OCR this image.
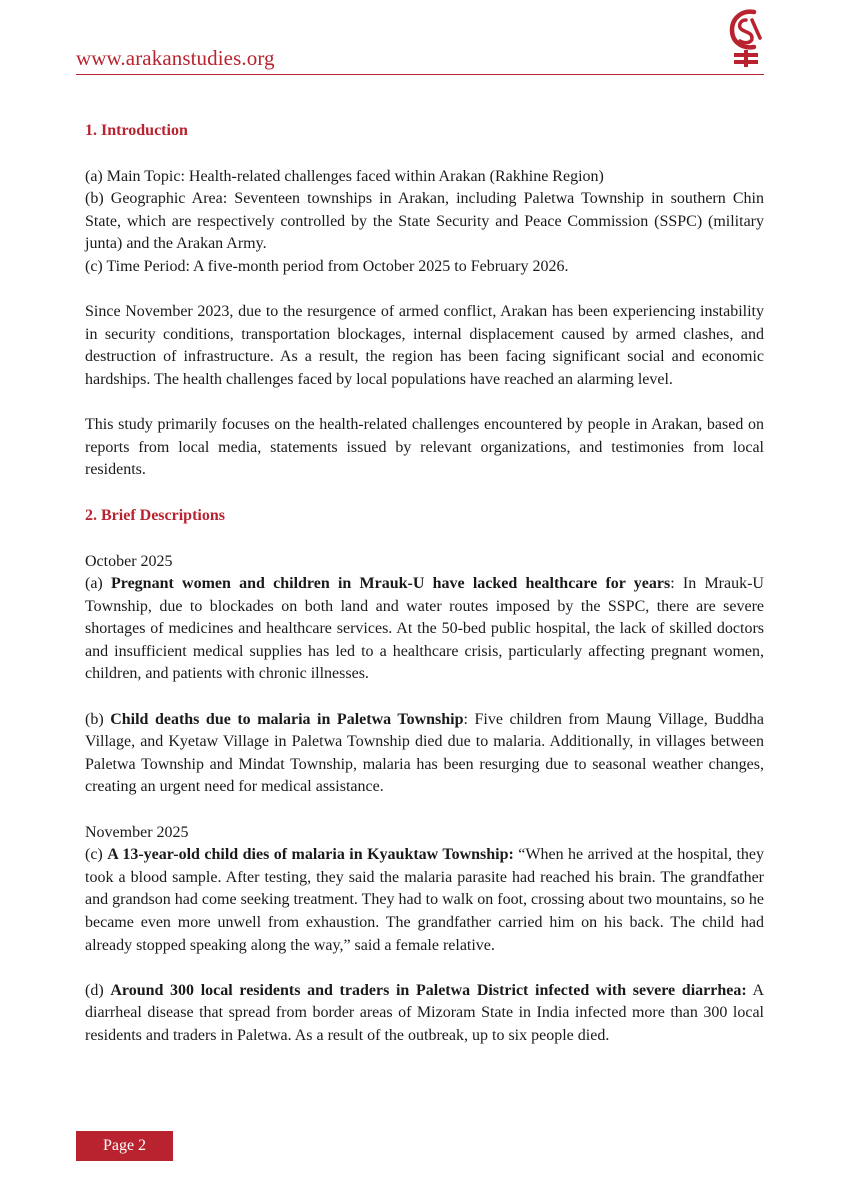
www.arakanstudies.org

1. Introduction

(a) Main Topic: Health-related challenges faced within Arakan (Rakhine Region)

(b) Geographic Area: Seventeen townships in Arakan, including Paletwa Township in southern Chin State, which are respectively controlled by the State Security and Peace Commission (SSPC) (military junta) and the Arakan Army.

(c) Time Period: A five-month period from October 2025 to February 2026.

Since November 2023, due to the resurgence of armed conflict, Arakan has been experiencing instability in security conditions, transportation blockages, internal displacement caused by armed clashes, and destruction of infrastructure. As a result, the region has been facing significant social and economic hardships. The health challenges faced by local populations have reached an alarming level.

This study primarily focuses on the health-related challenges encountered by people in Arakan, based on reports from local media, statements issued by relevant organizations, and testimonies from local residents.

2. Brief Descriptions

October 2025

(a) Pregnant women and children in Mrauk-U have lacked healthcare for years: In Mrauk-U Township, due to blockades on both land and water routes imposed by the SSPC, there are severe shortages of medicines and healthcare services. At the 50-bed public hospital, the lack of skilled doctors and insufficient medical supplies has led to a healthcare crisis, particularly affecting pregnant women, children, and patients with chronic illnesses.

(b) Child deaths due to malaria in Paletwa Township: Five children from Maung Village, Buddha Village, and Kyetaw Village in Paletwa Township died due to malaria. Additionally, in villages between Paletwa Township and Mindat Township, malaria has been resurging due to seasonal weather changes, creating an urgent need for medical assistance.

November 2025

(c) A 13-year-old child dies of malaria in Kyauktaw Township: “When he arrived at the hospital, they took a blood sample. After testing, they said the malaria parasite had reached his brain. The grandfather and grandson had come seeking treatment. They had to walk on foot, crossing about two mountains, so he became even more unwell from exhaustion. The grandfather carried him on his back. The child had already stopped speaking along the way,” said a female relative.

(d) Around 300 local residents and traders in Paletwa District infected with severe diarrhea: A diarrheal disease that spread from border areas of Mizoram State in India infected more than 300 local residents and traders in Paletwa. As a result of the outbreak, up to six people died.

Page 2
